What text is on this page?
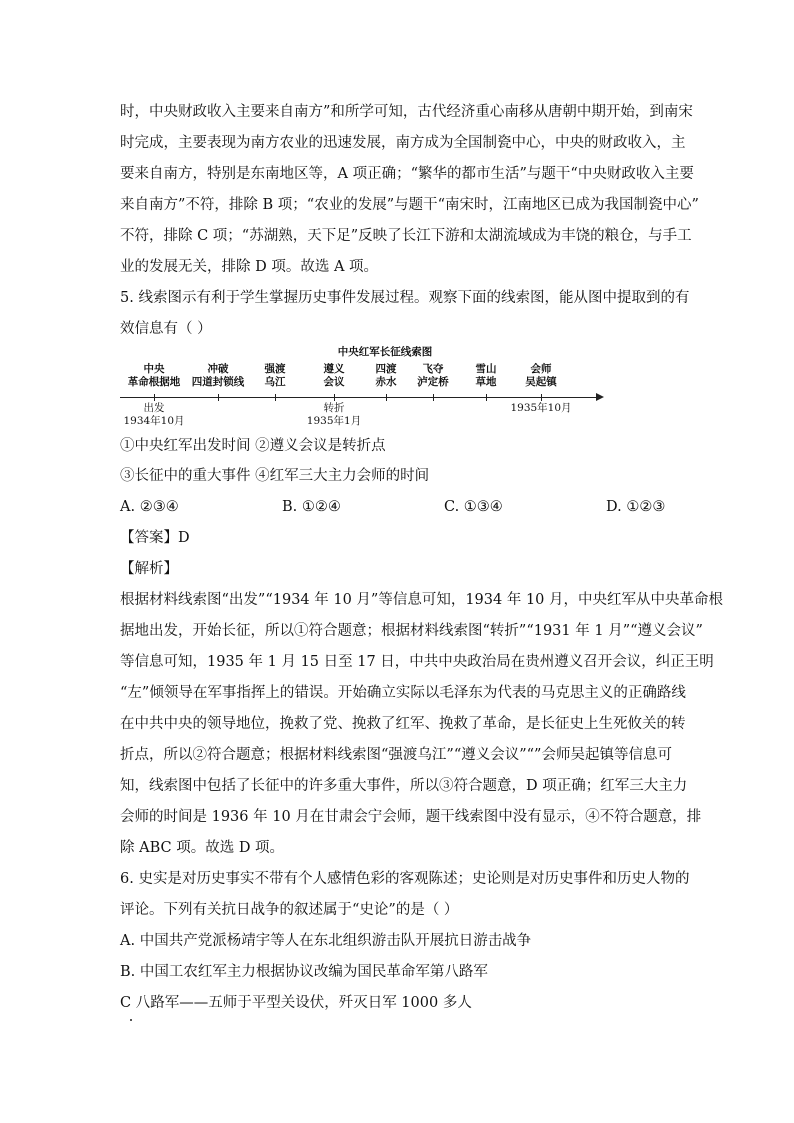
时，中央财政收入主要来自南方”和所学可知，古代经济重心南移从唐朝中期开始，到南宋
时完成，主要表现为南方农业的迅速发展，南方成为全国制瓷中心，中央的财政收入，主
要来自南方，特别是东南地区等，A 项正确；“繁华的都市生活”与题干“中央财政收入主要
来自南方”不符，排除 B 项；“农业的发展”与题干“南宋时，江南地区已成为我国制瓷中心”
不符，排除 C 项；“苏湖熟，天下足”反映了长江下游和太湖流域成为丰饶的粮仓，与手工
业的发展无关，排除 D 项。故选 A 项。
5. 线索图示有利于学生掌握历史事件发展过程。观察下面的线索图，能从图中提取到的有
效信息有（ ）
中央红军长征线索图
中央
革命根据地
冲破
四道封锁线
强渡
乌江
遵义
会议
四渡
赤水
飞夺
泸定桥
雪山
草地
会师
吴起镇
出发
1934年10月
转折
1935年1月
1935年10月
①中央红军出发时间 ②遵义会议是转折点
③长征中的重大事件 ④红军三大主力会师的时间
A. ②③④	B. ①②④	C. ①③④	D. ①②③
【答案】D
【解析】
根据材料线索图“出发”“1934 年 10 月”等信息可知，1934 年 10 月，中央红军从中央革命根
据地出发，开始长征，所以①符合题意；根据材料线索图“转折”“1931 年 1 月”“遵义会议”
等信息可知，1935 年 1 月 15 日至 17 日，中共中央政治局在贵州遵义召开会议，纠正王明
“左”倾领导在军事指挥上的错误。开始确立实际以毛泽东为代表的马克思主义的正确路线
在中共中央的领导地位，挽救了党、挽救了红军、挽救了革命，是长征史上生死攸关的转
折点，所以②符合题意；根据材料线索图“强渡乌江”“遵义会议”“”会师吴起镇等信息可
知，线索图中包括了长征中的许多重大事件，所以③符合题意，D 项正确；红军三大主力
会师的时间是 1936 年 10 月在甘肃会宁会师，题干线索图中没有显示，④不符合题意，排
除 ABC 项。故选 D 项。
6. 史实是对历史事实不带有个人感情色彩的客观陈述；史论则是对历史事件和历史人物的
评论。下列有关抗日战争的叙述属于“史论”的是（ ）
A. 中国共产党派杨靖宇等人在东北组织游击队开展抗日游击战争
B. 中国工农红军主力根据协议改编为国民革命军第八路军
C 八路军——五师于平型关设伏，歼灭日军 1000 多人
